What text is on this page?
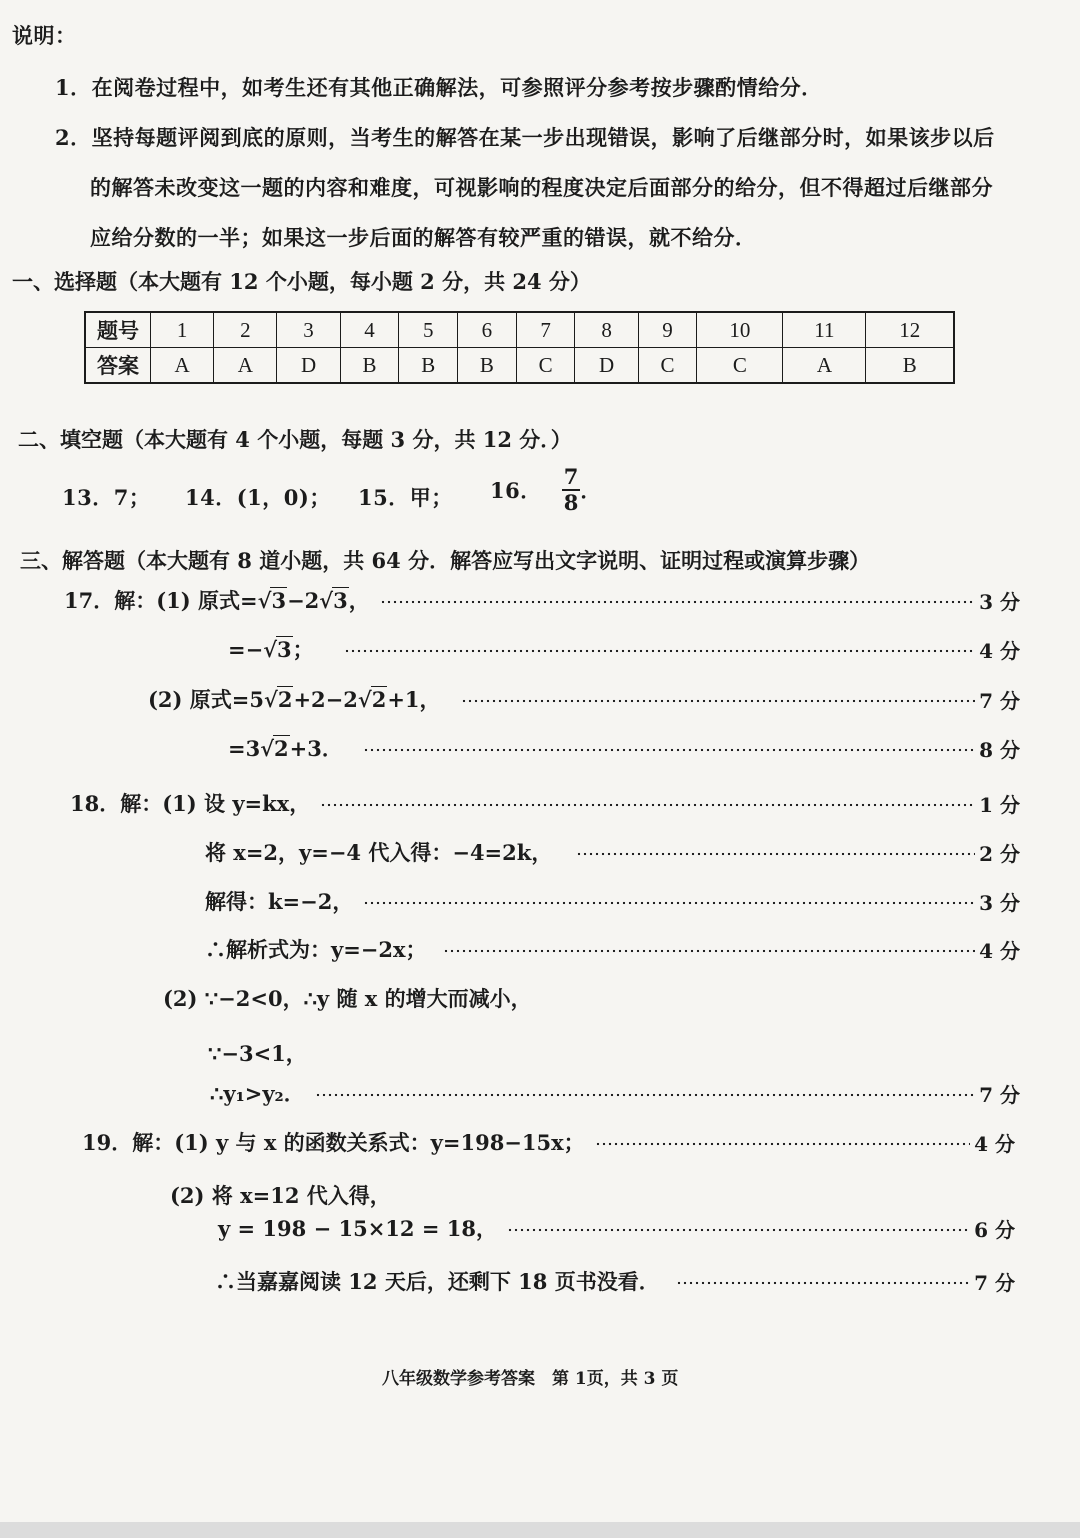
说明：
1．在阅卷过程中，如考生还有其他正确解法，可参照评分参考按步骤酌情给分．
2．坚持每题评阅到底的原则，当考生的解答在某一步出现错误，影响了后继部分时，如果该步以后
的解答未改变这一题的内容和难度，可视影响的程度决定后面部分的给分，但不得超过后继部分
应给分数的一半；如果这一步后面的解答有较严重的错误，就不给分．
一、选择题（本大题有 12 个小题，每小题 2 分，共 24 分）
题号	1	2	3	4	5	6	7	8	9	10	11	12
答案	A	A	D	B	B	B	C	D	C	C	A	B
二、填空题（本大题有 4 个小题，每题 3 分，共 12 分．）
13．7； 14．(1，0)； 15．甲； 16． $\frac{7}{8}$ ．
三、解答题（本大题有 8 道小题，共 64 分．解答应写出文字说明、证明过程或演算步骤）
17．解：(1) 原式=√3−2√3，	3 分
=−√3；	4 分
(2) 原式=5√2+2−2√2+1，	7 分
=3√2+3．	8 分
18．解：(1) 设 y=kx，	1 分
将 x=2，y=−4 代入得：−4=2k，	2 分
解得：k=−2，	3 分
∴解析式为：y=−2x；	4 分
(2) ∵−2<0，∴y 随 x 的增大而减小，
∵−3<1，
∴y₁>y₂．	7 分
19．解：(1) y 与 x 的函数关系式：y=198−15x；	4 分
(2) 将 x=12 代入得，
y = 198 − 15×12 = 18，	6 分
∴当嘉嘉阅读 12 天后，还剩下 18 页书没看．	7 分
八年级数学参考答案　第 1页，共 3 页
